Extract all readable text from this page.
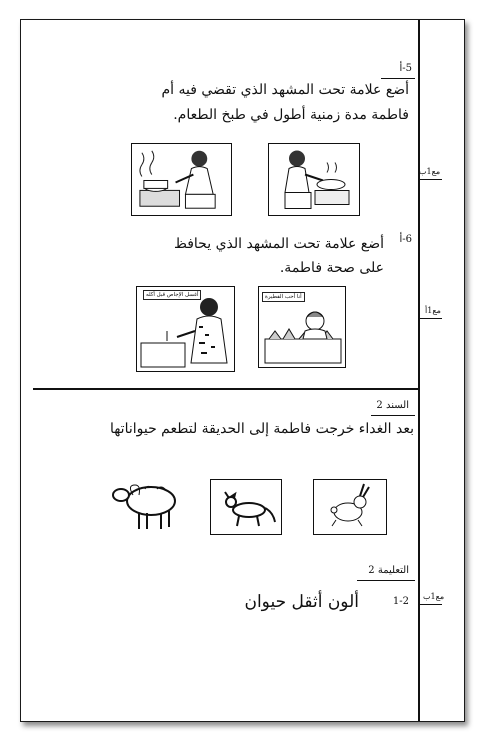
5-أ
أضع علامة تحت المشهد الذي تقضي فيه أم
فاطمة مدة زمنية أطول في طبخ الطعام.
مع1ب
6-أ
أضع علامة تحت المشهد الذي يحافظ
على صحة فاطمة.
أغسل الإجاص قبل أكله	أنا أحب الفطيرة
مع1أ
السند 2
بعد الغداء خرجت فاطمة إلى الحديقة لتطعم حيواناتها
التعليمة 2
1-2
ألون أثقل حيوان	مع1ب
